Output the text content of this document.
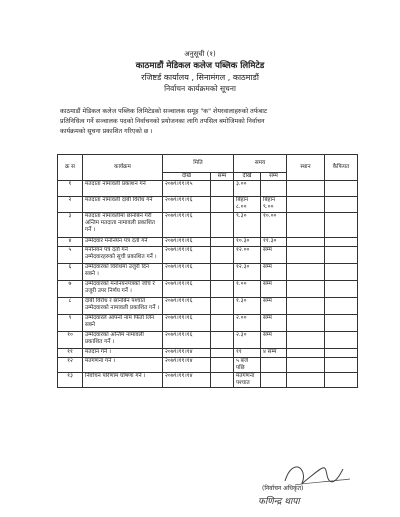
अनुसूची (१)
काठमाडौं मेडिकल कलेज पब्लिक लिमिटेड
रजिष्टर्ड कार्यालय , सिनामंगल , काठमाडौं
निर्वाचन कार्यक्रमको सूचना
काठमाडौं मेडिकल कलेज पब्लिक लिमिटेडको सञ्चालक समूह "क" शेयरवालाहरुको तर्फबाट
प्रतिनिधित्व गर्ने सञ्चालक पदको निर्वाचनको प्रयोजनका लागि तपसिल बमोजिमको निर्वाचन
कार्यक्रमको सूचना प्रकाशित गरिएको छ ।
क्र स	कार्यक्रम	मिति		समय		स्थान	कैफियत
		देखि	सम्म	देखि	सम्म		
१	मतदाता नामावली प्रकाशन गर्ने	२०७९।११।१५		३.००			
२	मतदाता नामावली दाबी विरोध गर्ने	२०७९।११।१६		बिहान ८.००	बिहान ९.००		
३	मतदाता नामावलीमा छानबिन गरी
अन्तिम मतदाता नामावली प्रकाशित
गर्ने ।	२०७९।११।१६		९.३०	१०.००		
४	उम्मेदवार मनोनयन पत्र दर्ता गर्ने	२०७९।११।१६		१०.३०	११.३०		
५	मनोनयन पत्र दर्ता गर्ने
उम्मेदवारहरुको सूची प्रकाशित गर्ने ।	२०७९।११।१६		१२.००	सम्म		
६	उम्मेदवारको विरोधमा उजुरी दिन
सक्ने ।	२०७९।११।१६		१२.३०	सम्म		
७	उम्मेदवारको मनोनयनपत्रको जाँच र
उजुरी उपर निर्णय गर्ने ।	२०७९।११।१६		१.००	सम्म		
८	दाबी विरोध र छानबिन पश्चात
उम्मेदवारको नामावली प्रकाशित गर्ने ।	२०७९।११।१६		१.३०	सम्म		
९	उम्मेदवारले आफ्नो नाम फिर्ता लिन
सक्ने	२०७९।११।१६		२.००	सम्म		
१०	उम्मेदवारको अन्तिम नामावली
प्रकाशित गर्ने ।	२०७९।११।१६		२.३०	सम्म		
११	मतदान गर्ने ।	२०७९।११।१४		११	४ सम्म		
१२	मतगणना गर्ने ।	२०७९।११।१४		५ बजे पछि			
१३	निर्वाचन परिणाम घोषणा गर्ने ।	२०७९।११।१४		मतगणना पश्चात			
(निर्वाचन अधिकृत)
फणिन्द्र थापा
